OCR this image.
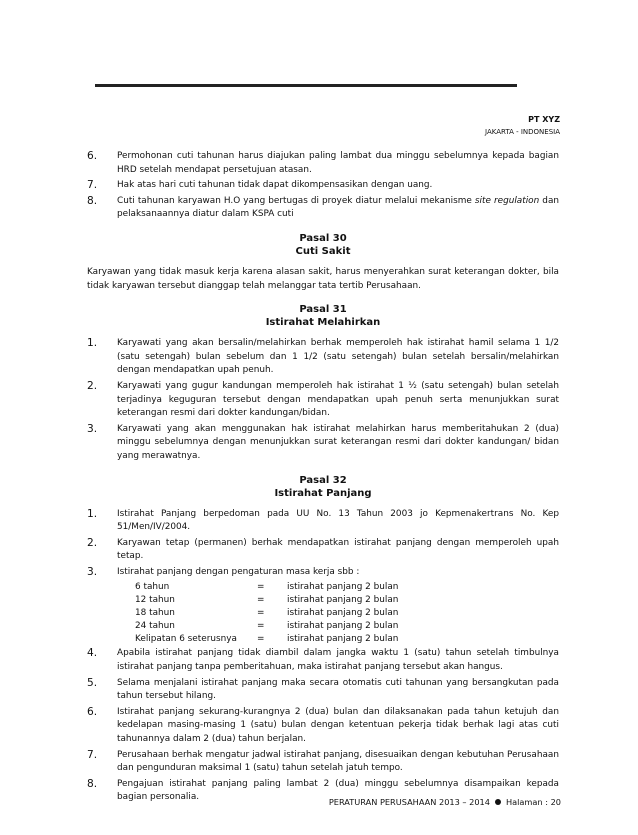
PT XYZ
JAKARTA - INDONESIA
6. Permohonan cuti tahunan harus diajukan paling lambat dua minggu sebelumnya kepada bagian HRD setelah mendapat persetujuan atasan.
7. Hak atas hari cuti tahunan tidak dapat dikompensasikan dengan uang.
8. Cuti tahunan karyawan H.O yang bertugas di proyek diatur melalui mekanisme site regulation dan pelaksanaannya diatur dalam KSPA cuti
Pasal 30
Cuti Sakit
Karyawan yang tidak masuk kerja karena alasan sakit, harus menyerahkan surat keterangan dokter, bila tidak karyawan tersebut dianggap telah melanggar tata tertib Perusahaan.
Pasal 31
Istirahat Melahirkan
1. Karyawati yang akan bersalin/melahirkan berhak memperoleh hak istirahat hamil selama 1 1/2 (satu setengah) bulan sebelum dan 1 1/2 (satu setengah) bulan setelah bersalin/melahirkan dengan mendapatkan upah penuh.
2. Karyawati yang gugur kandungan memperoleh hak istirahat 1 ½ (satu setengah) bulan setelah terjadinya keguguran tersebut dengan mendapatkan upah penuh serta menunjukkan surat keterangan resmi dari dokter kandungan/bidan.
3. Karyawati yang akan menggunakan hak istirahat melahirkan harus memberitahukan 2 (dua) minggu sebelumnya dengan menunjukkan surat keterangan resmi dari dokter kandungan/ bidan yang merawatnya.
Pasal 32
Istirahat Panjang
1. Istirahat Panjang berpedoman pada UU No. 13 Tahun 2003 jo Kepmenakertrans No. Kep 51/Men/IV/2004.
2. Karyawan tetap (permanen) berhak mendapatkan istirahat panjang dengan memperoleh upah tetap.
3. Istirahat panjang dengan pengaturan masa kerja sbb :
6 tahun	=	istirahat panjang 2 bulan
12 tahun	=	istirahat panjang 2 bulan
18 tahun	=	istirahat panjang 2 bulan
24 tahun	=	istirahat panjang 2 bulan
Kelipatan 6 seterusnya	=	istirahat panjang 2 bulan
4. Apabila istirahat panjang tidak diambil dalam jangka waktu 1 (satu) tahun setelah timbulnya istirahat panjang tanpa pemberitahuan, maka istirahat panjang tersebut akan hangus.
5. Selama menjalani istirahat panjang maka secara otomatis cuti tahunan yang bersangkutan pada tahun tersebut hilang.
6. Istirahat panjang sekurang-kurangnya 2 (dua) bulan dan dilaksanakan pada tahun ketujuh dan kedelapan masing-masing 1 (satu) bulan dengan ketentuan pekerja tidak berhak lagi atas cuti tahunannya dalam 2 (dua) tahun berjalan.
7. Perusahaan berhak mengatur jadwal istirahat panjang, disesuaikan dengan kebutuhan Perusahaan dan pengunduran maksimal 1 (satu) tahun setelah jatuh tempo.
8. Pengajuan istirahat panjang paling lambat 2 (dua) minggu sebelumnya disampaikan kepada bagian personalia.	PERATURAN PERUSAHAAN 2013 – 2014 Halaman : 20
